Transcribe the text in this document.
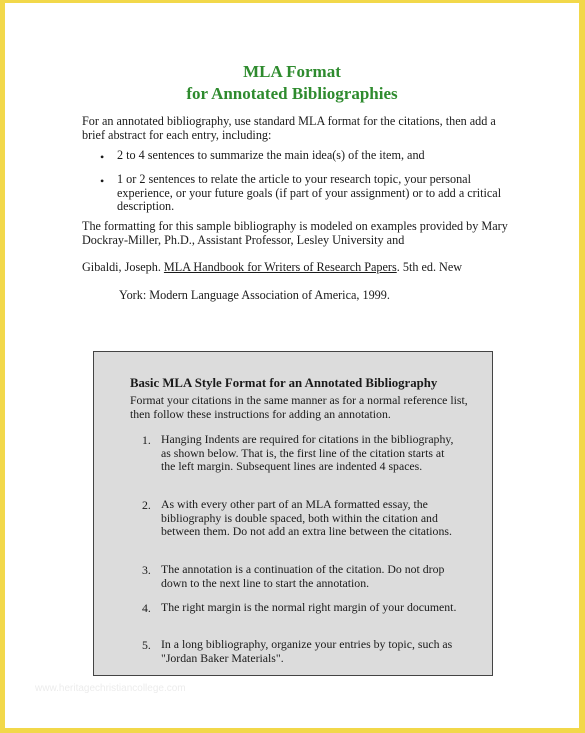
MLA Format
for Annotated Bibliographies
For an annotated bibliography, use standard MLA format for the citations, then add a brief abstract for each entry, including:
• 2 to 4 sentences to summarize the main idea(s) of the item, and
• 1 or 2 sentences to relate the article to your research topic, your personal experience, or your future goals (if part of your assignment) or to add a critical description.
The formatting for this sample bibliography is modeled on examples provided by Mary Dockray-Miller, Ph.D., Assistant Professor, Lesley University and
Gibaldi, Joseph. MLA Handbook for Writers of Research Papers. 5th ed. New
York: Modern Language Association of America, 1999.
Basic MLA Style Format for an Annotated Bibliography
Format your citations in the same manner as for a normal reference list, then follow these instructions for adding an annotation.
1. Hanging Indents are required for citations in the bibliography, as shown below. That is, the first line of the citation starts at the left margin. Subsequent lines are indented 4 spaces.
2. As with every other part of an MLA formatted essay, the bibliography is double spaced, both within the citation and between them. Do not add an extra line between the citations.
3. The annotation is a continuation of the citation. Do not drop down to the next line to start the annotation.
4. The right margin is the normal right margin of your document.
5. In a long bibliography, organize your entries by topic, such as "Jordan Baker Materials".
www.heritagechristiancollege.com
